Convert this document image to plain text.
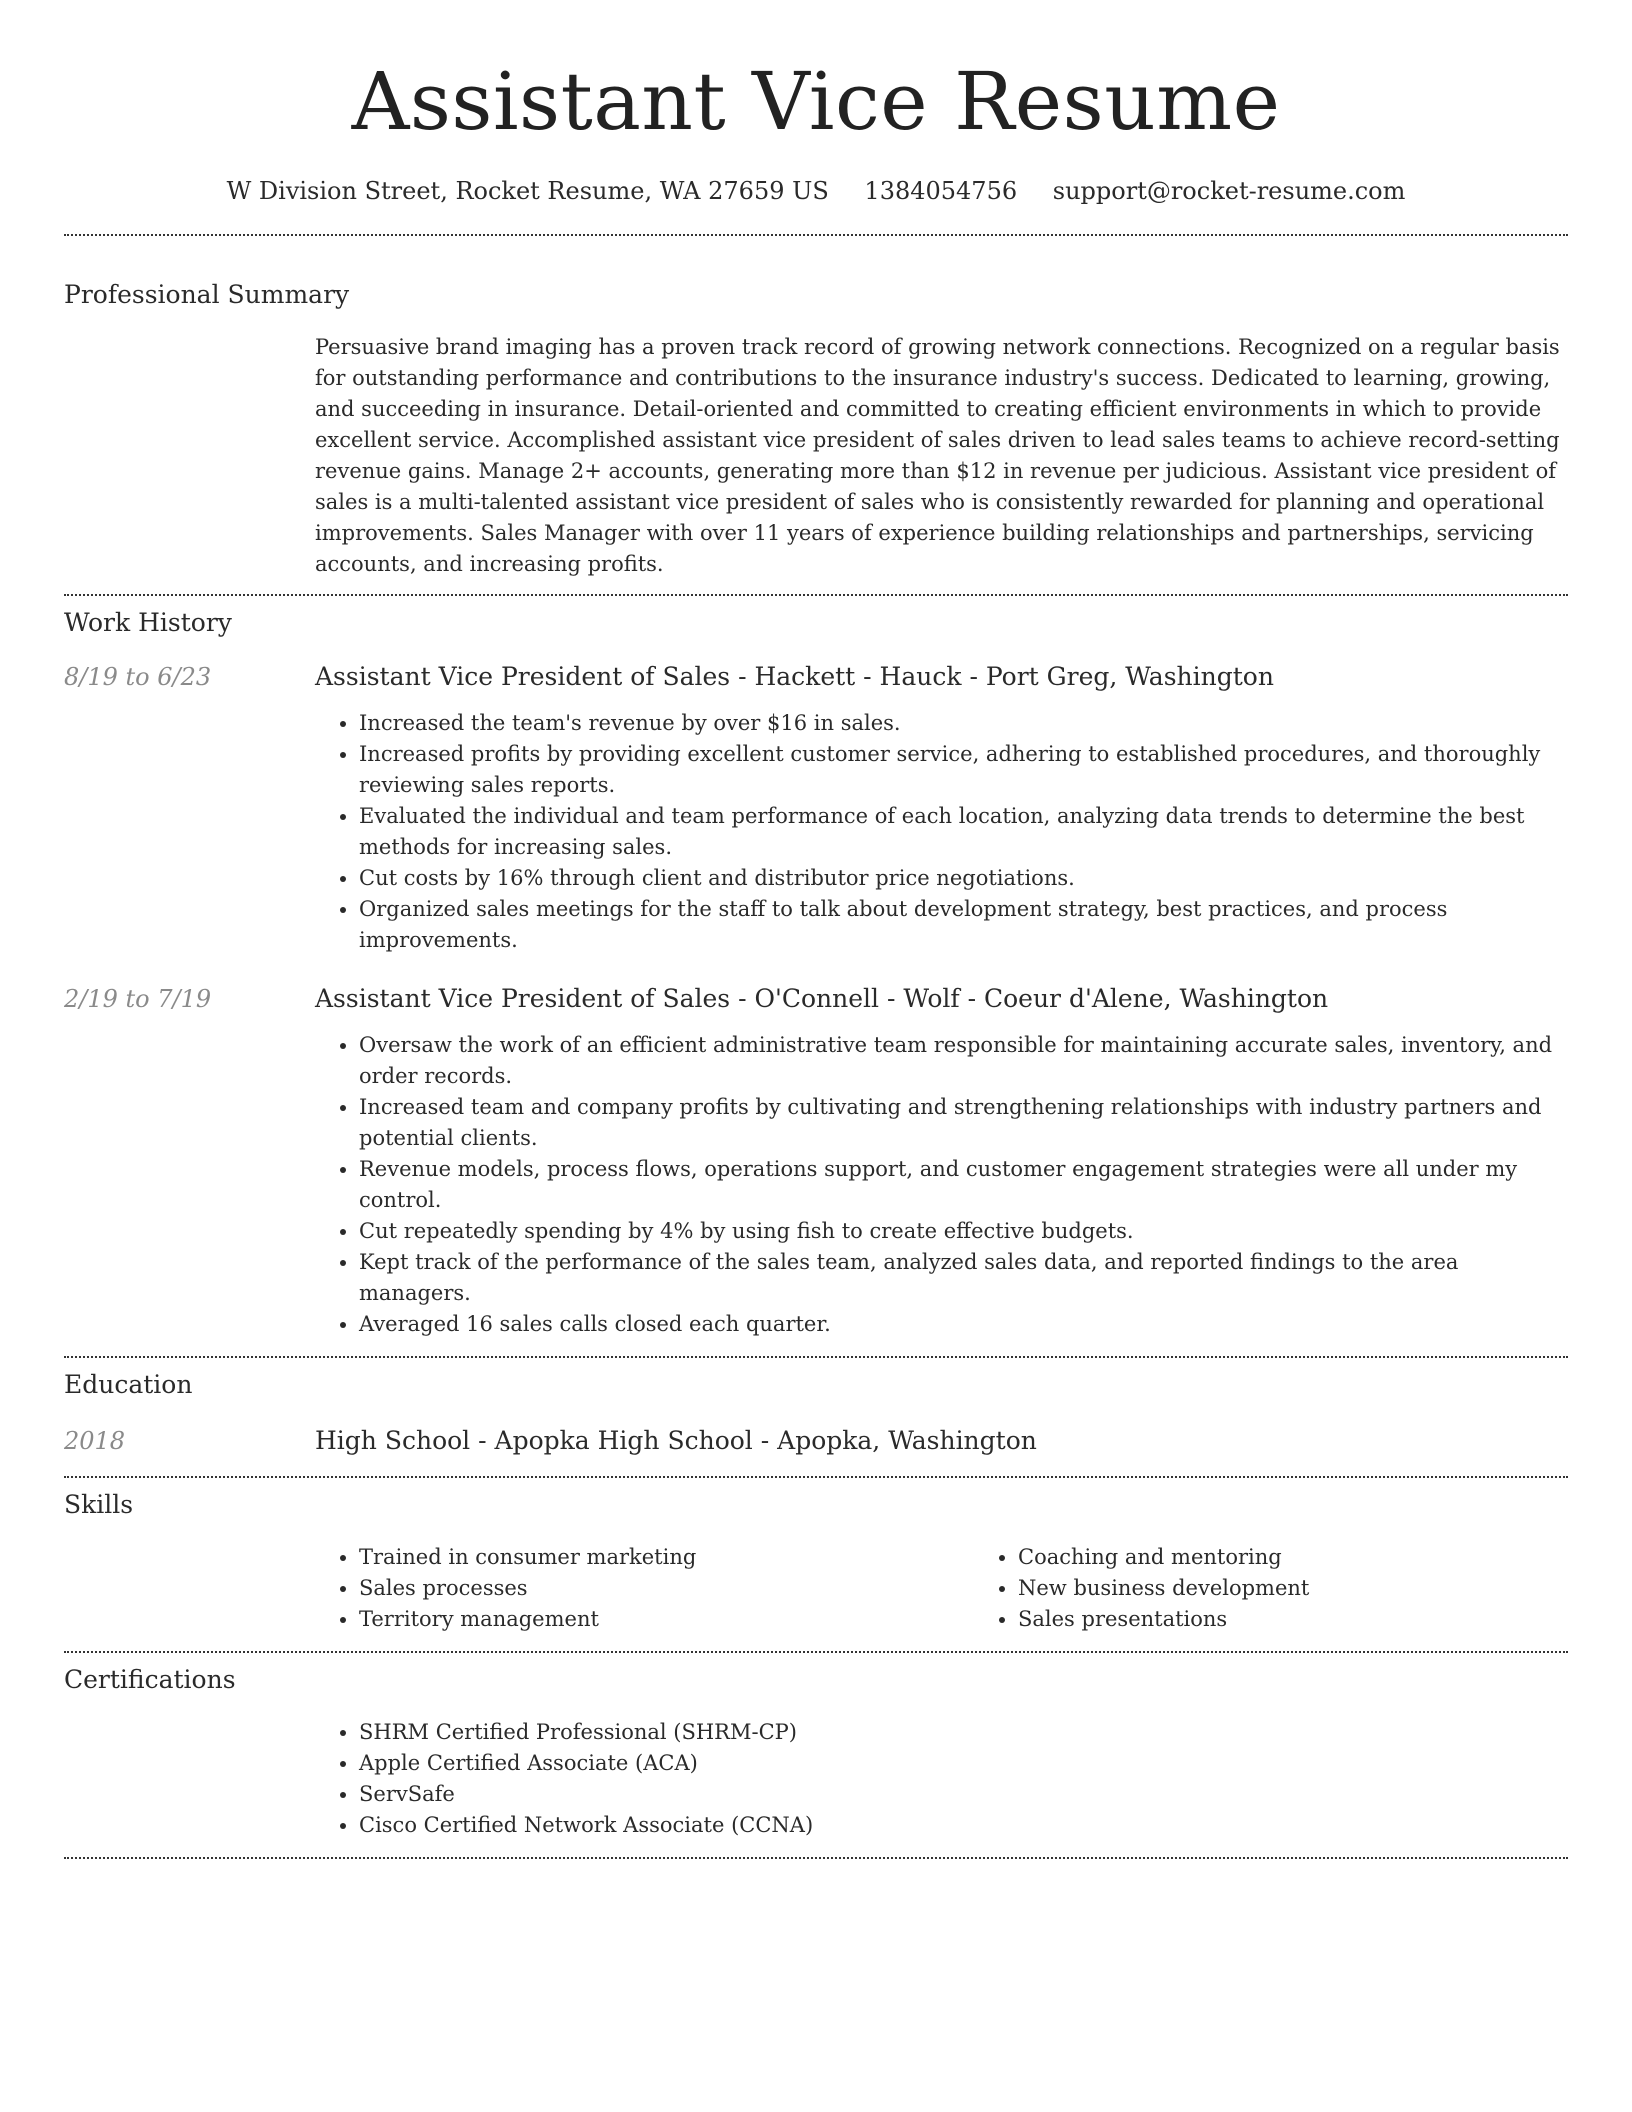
Assistant Vice Resume
W Division Street, Rocket Resume, WA 27659 US 1384054756 support@rocket-resume.com
Professional Summary

Persuasive brand imaging has a proven track record of growing network connections. Recognized on a regular basis for outstanding performance and contributions to the insurance industry's success. Dedicated to learning, growing, and succeeding in insurance. Detail-oriented and committed to creating efficient environments in which to provide excellent service. Accomplished assistant vice president of sales driven to lead sales teams to achieve record-setting revenue gains. Manage 2+ accounts, generating more than $12 in revenue per judicious. Assistant vice president of sales is a multi-talented assistant vice president of sales who is consistently rewarded for planning and operational improvements. Sales Manager with over 11 years of experience building relationships and partnerships, servicing accounts, and increasing profits.

Work History
8/19 to 6/23	Assistant Vice President of Sales - Hackett - Hauck - Port Greg, Washington
• Increased the team's revenue by over $16 in sales.
• Increased profits by providing excellent customer service, adhering to established procedures, and thoroughly reviewing sales reports.
• Evaluated the individual and team performance of each location, analyzing data trends to determine the best methods for increasing sales.
• Cut costs by 16% through client and distributor price negotiations.
• Organized sales meetings for the staff to talk about development strategy, best practices, and process improvements.
2/19 to 7/19	Assistant Vice President of Sales - O'Connell - Wolf - Coeur d'Alene, Washington
• Oversaw the work of an efficient administrative team responsible for maintaining accurate sales, inventory, and order records.
• Increased team and company profits by cultivating and strengthening relationships with industry partners and potential clients.
• Revenue models, process flows, operations support, and customer engagement strategies were all under my control.
• Cut repeatedly spending by 4% by using fish to create effective budgets.
• Kept track of the performance of the sales team, analyzed sales data, and reported findings to the area managers.
• Averaged 16 sales calls closed each quarter.
Education
2018	High School - Apopka High School - Apopka, Washington
Skills
• Trained in consumer marketing
• Sales processes
• Territory management
• Coaching and mentoring
• New business development
• Sales presentations
Certifications
• SHRM Certified Professional (SHRM-CP)
• Apple Certified Associate (ACA)
• ServSafe
• Cisco Certified Network Associate (CCNA)
